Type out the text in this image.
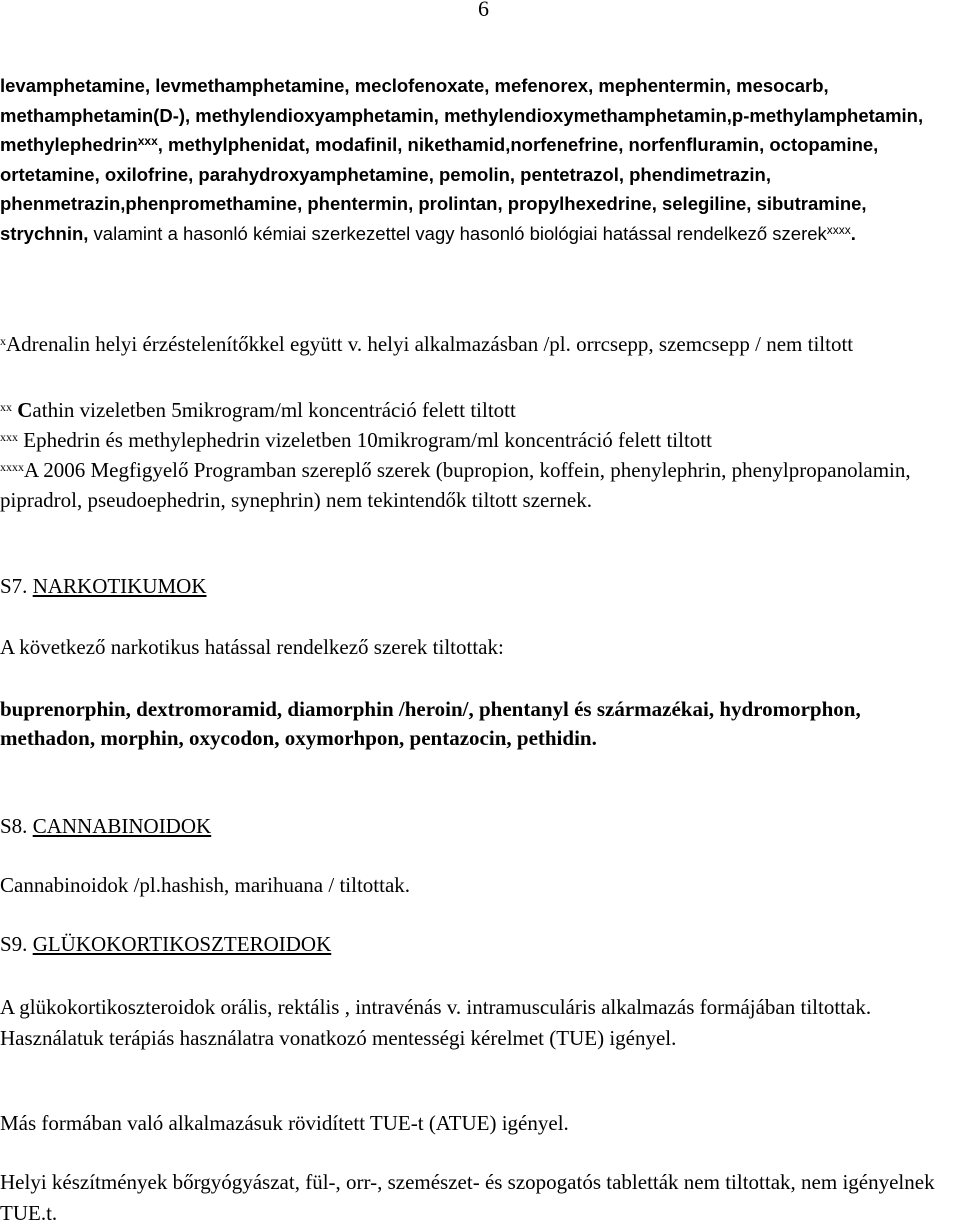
6

levamphetamine, levmethamphetamine, meclofenoxate, mefenorex, mephentermin, mesocarb, methamphetamin(D-), methylendioxyamphetamin, methylendioxymethamphetamin,p-methylamphetamin, methylephedrin$^{xxx}$, methylphenidat, modafinil, nikethamid,norfenefrine, norfenfluramin, octopamine, ortetamine, oxilofrine, parahydroxyamphetamine, pemolin, pentetrazol, phendimetrazin, phenmetrazin,phenpromethamine, phentermin, prolintan, propylhexedrine, selegiline, sibutramine, strychnin, valamint a hasonló kémiai szerkezettel vagy hasonló biológiai hatással rendelkező szerek$^{xxxx}$.

$^x$Adrenalin helyi érzéstelenítőkkel együtt v. helyi alkalmazásban /pl. orrcsepp, szemcsepp / nem tiltott

$^{xx}$ Cathin vizeletben 5mikrogram/ml koncentráció felett tiltott

$^{xxx}$ Ephedrin és methylephedrin vizeletben 10mikrogram/ml koncentráció felett tiltott

$^{xxxx}$A 2006 Megfigyelő Programban szereplő szerek (bupropion, koffein, phenylephrin, phenylpropanolamin, pipradrol, pseudoephedrin, synephrin) nem tekintendők tiltott szernek.

S7. NARKOTIKUMOK

A következő narkotikus hatással rendelkező szerek tiltottak:

buprenorphin, dextromoramid, diamorphin /heroin/, phentanyl és származékai, hydromorphon, methadon, morphin, oxycodon, oxymorhpon, pentazocin, pethidin.

S8. CANNABINOIDOK

Cannabinoidok /pl.hashish, marihuana / tiltottak.

S9. GLÜKOKORTIKOSZTEROIDOK

A glükokortikoszteroidok orális, rektális , intravénás v. intramusculáris alkalmazás formájában tiltottak. Használatuk terápiás használatra vonatkozó mentességi kérelmet (TUE) igényel.

Más formában való alkalmazásuk rövidített TUE-t (ATUE) igényel.

Helyi készítmények bőrgyógyászat, fül-, orr-, szemészet- és szopogatós tabletták nem tiltottak, nem igényelnek TUE.t.
